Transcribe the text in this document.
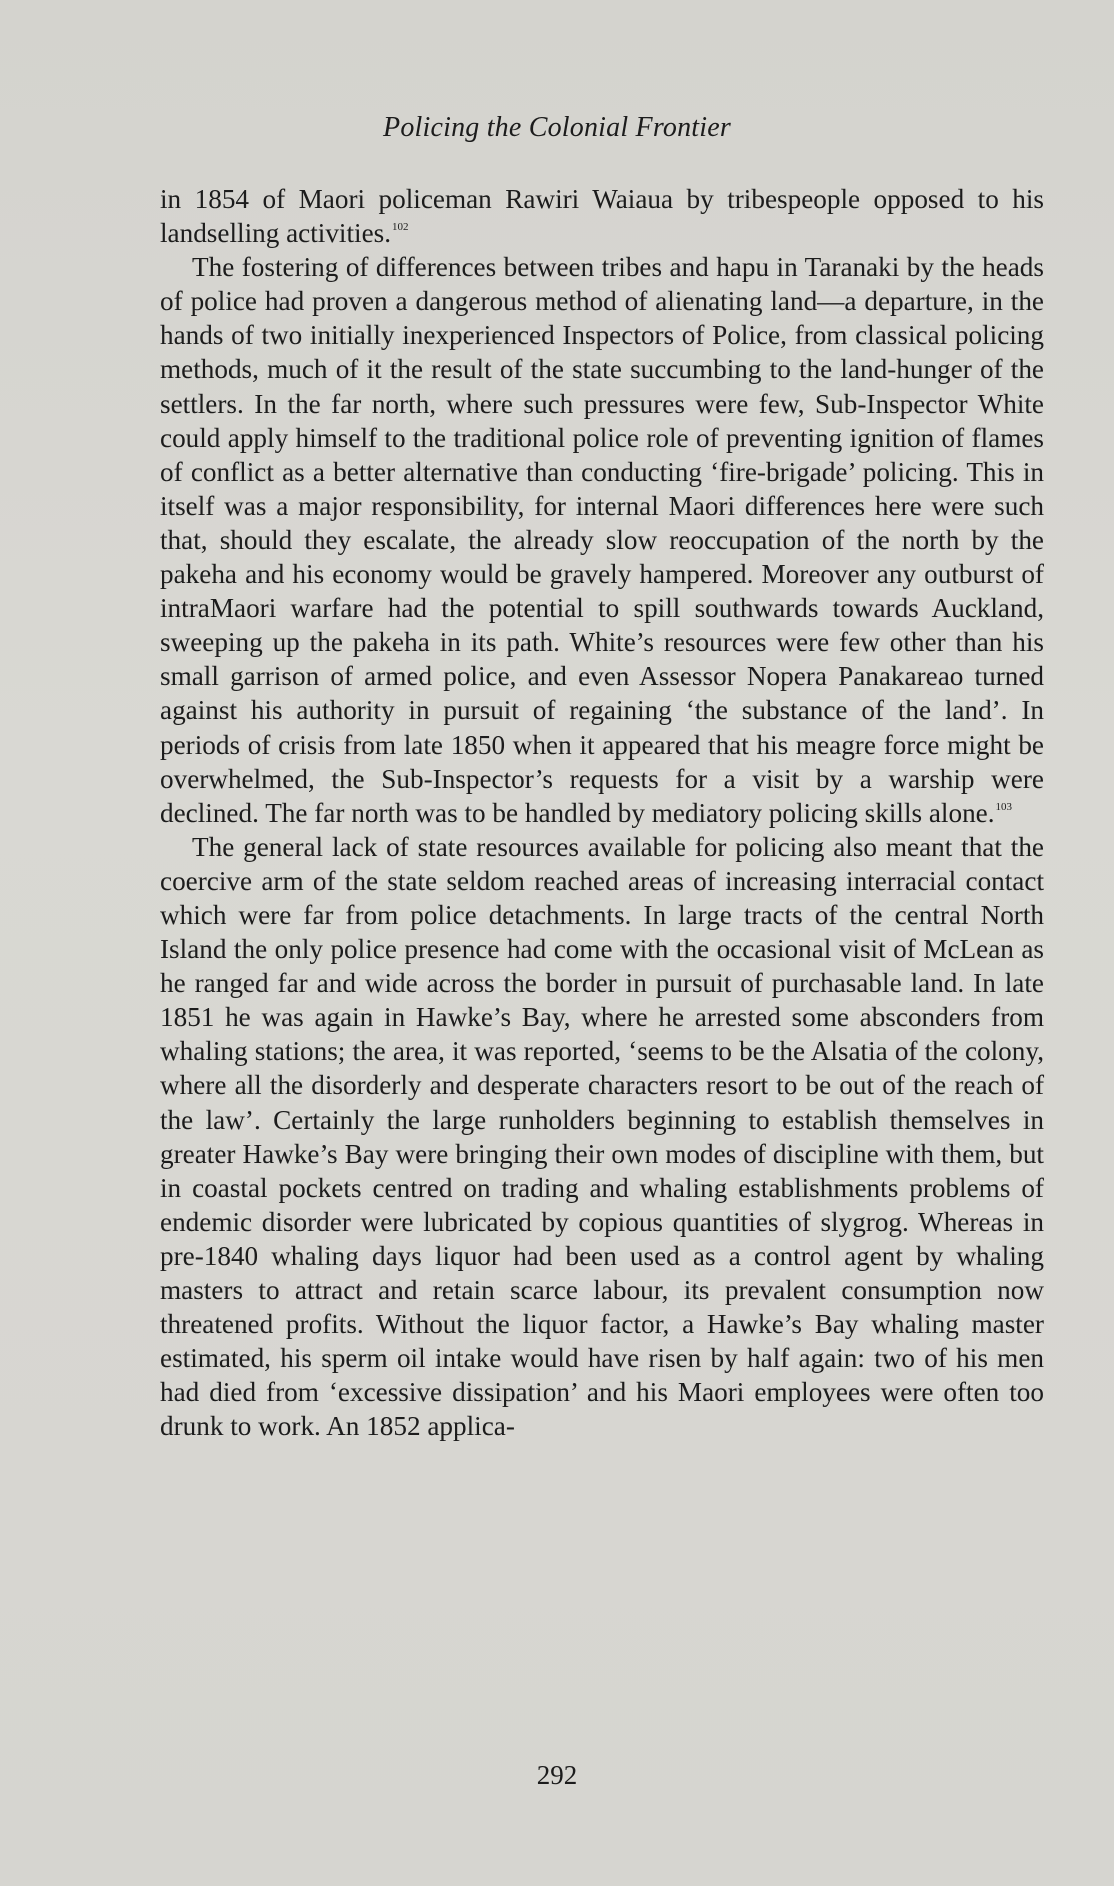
Policing the Colonial Frontier

in 1854 of Maori policeman Rawiri Waiaua by tribespeople opposed to his landselling activities.$^{102}$

The fostering of differences between tribes and hapu in Taranaki by the heads of police had proven a dangerous method of alienating land—a departure, in the hands of two initially inexperienced Inspectors of Police, from classical policing methods, much of it the result of the state succumbing to the land-hunger of the settlers. In the far north, where such pressures were few, Sub-Inspector White could apply himself to the traditional police role of preventing ignition of flames of conflict as a better alternative than conducting ‘fire-brigade’ policing. This in itself was a major responsibility, for internal Maori differences here were such that, should they escalate, the already slow reoccupation of the north by the pakeha and his economy would be gravely hampered. Moreover any outburst of intraMaori warfare had the potential to spill southwards towards Auckland, sweeping up the pakeha in its path. White’s resources were few other than his small garrison of armed police, and even Assessor Nopera Panakareao turned against his authority in pursuit of regaining ‘the substance of the land’. In periods of crisis from late 1850 when it appeared that his meagre force might be overwhelmed, the Sub-Inspector’s requests for a visit by a warship were declined. The far north was to be handled by mediatory policing skills alone.$^{103}$

The general lack of state resources available for policing also meant that the coercive arm of the state seldom reached areas of increasing interracial contact which were far from police detachments. In large tracts of the central North Island the only police presence had come with the occasional visit of McLean as he ranged far and wide across the border in pursuit of purchasable land. In late 1851 he was again in Hawke’s Bay, where he arrested some absconders from whaling stations; the area, it was reported, ‘seems to be the Alsatia of the colony, where all the disorderly and desperate characters resort to be out of the reach of the law’. Certainly the large runholders beginning to establish themselves in greater Hawke’s Bay were bringing their own modes of discipline with them, but in coastal pockets centred on trading and whaling establishments problems of endemic disorder were lubricated by copious quantities of slygrog. Whereas in pre-1840 whaling days liquor had been used as a control agent by whaling masters to attract and retain scarce labour, its prevalent consumption now threatened profits. Without the liquor factor, a Hawke’s Bay whaling master estimated, his sperm oil intake would have risen by half again: two of his men had died from ‘excessive dissipation’ and his Maori employees were often too drunk to work. An 1852 applica-

292
